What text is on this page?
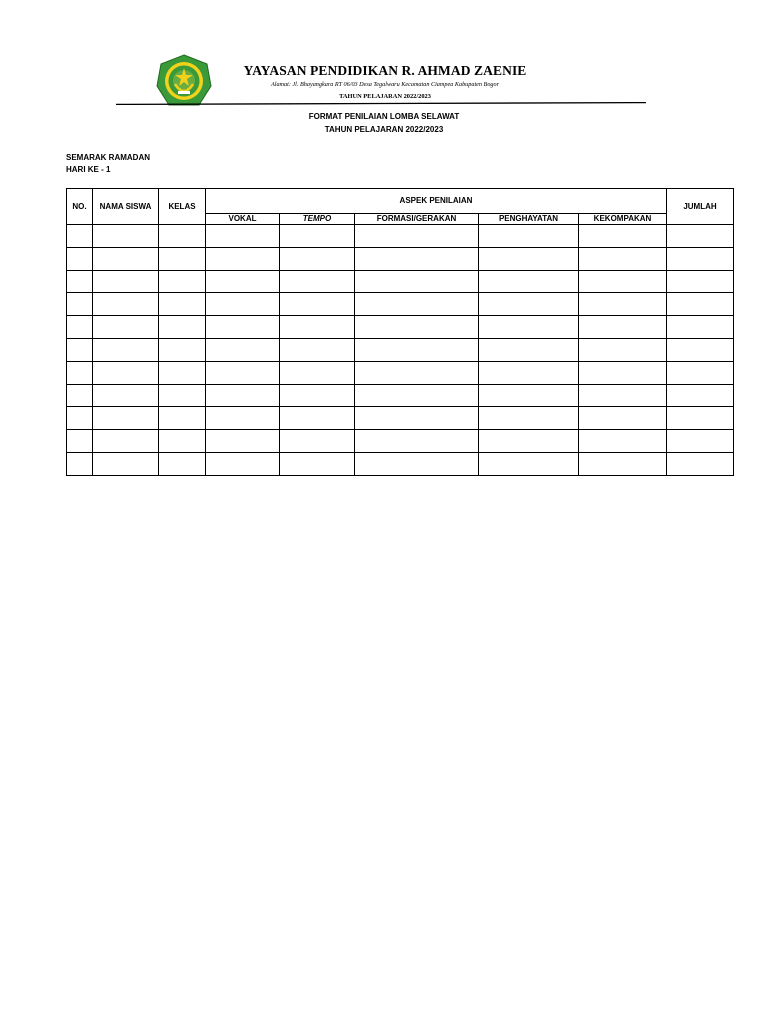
YAYASAN PENDIDIKAN R. AHMAD ZAENIE
Alamat: Jl. Bhayangkara RT 06/03 Desa Tegalwaru Kecamatan Ciampea Kabupaten Bogor
TAHUN PELAJARAN 2022/2023
FORMAT PENILAIAN LOMBA SELAWAT
TAHUN PELAJARAN 2022/2023
SEMARAK RAMADAN
HARI KE - 1
NO.	NAMA SISWA	KELAS	ASPEK PENILAIAN					JUMLAH
			VOKAL	TEMPO	FORMASI/GERAKAN	PENGHAYATAN	KEKOMPAKAN	
